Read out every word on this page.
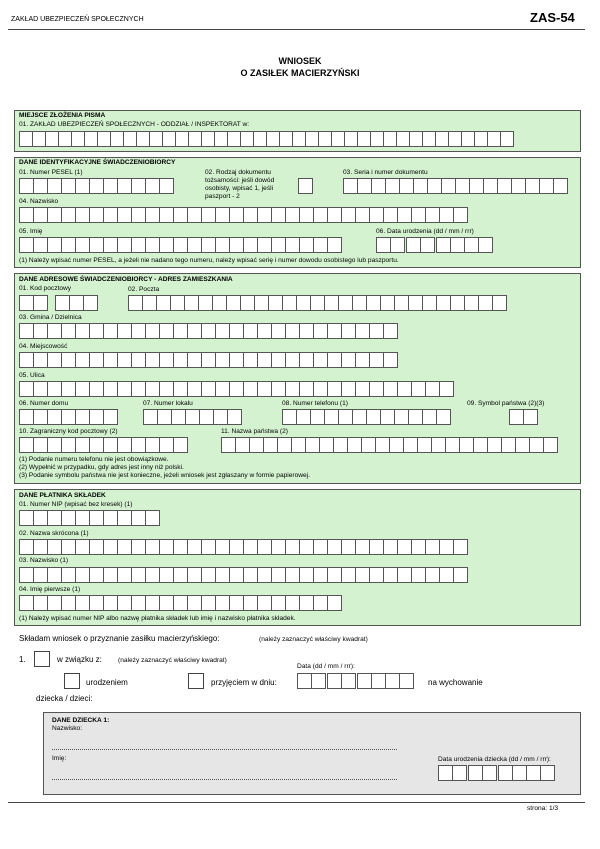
ZAKŁAD UBEZPIECZEŃ SPOŁECZNYCH	ZAS-54
WNIOSEK
O ZASIŁEK MACIERZYŃSKI
MIEJSCE ZŁOŻENIA PISMA
01. ZAKŁAD UBEZPIECZEŃ SPOŁECZNYCH - ODDZIAŁ / INSPEKTORAT w:
DANE IDENTYFIKACYJNE ŚWIADCZENIOBIORCY
01. Numer PESEL (1)	02. Rodzaj dokumentu
tożsamości: jeśli dowód
osobisty, wpisać 1, jeśli
paszport - 2
03. Seria i numer dokumentu
04. Nazwisko
05. Imię	06. Data urodzenia (dd / mm / rrr)
(1) Należy wpisać numer PESEL, a jeżeli nie nadano tego numeru, należy wpisać serię i numer dowodu osobistego lub paszportu.
DANE ADRESOWE ŚWIADCZENIOBIORCY - ADRES ZAMIESZKANIA
01. Kod pocztowy	02. Poczta
03. Gmina / Dzielnica
04. Miejscowość
05. Ulica
06. Numer domu	07. Numer lokalu	08. Numer telefonu (1)	09. Symbol państwa (2)(3)
10. Zagraniczny kod pocztowy (2)	11. Nazwa państwa (2)
(1) Podanie numeru telefonu nie jest obowiązkowe.
(2) Wypełnić w przypadku, gdy adres jest inny niż polski.
(3) Podanie symbolu państwa nie jest konieczne, jeżeli wniosek jest zgłaszany w formie papierowej.
DANE PŁATNIKA SKŁADEK
01. Numer NIP (wpisać bez kresek) (1)
02. Nazwa skrócona (1)
03. Nazwisko (1)
04. Imię pierwsze (1)
(1) Należy wpisać numer NIP albo nazwę płatnika składek lub imię i nazwisko płatnika składek.
Składam wniosek o przyznanie zasiłku macierzyńskiego:	(należy zaznaczyć właściwy kwadrat)
1.	w związku z: (należy zaznaczyć właściwy kwadrat)
Data (dd / mm / rrr):
urodzeniem	przyjęciem w dniu:	na wychowanie
dziecka / dzieci:
DANE DZIECKA 1:
Nazwisko:
Imię:	Data urodzenia dziecka (dd / mm / rrr):
strona: 1/3
